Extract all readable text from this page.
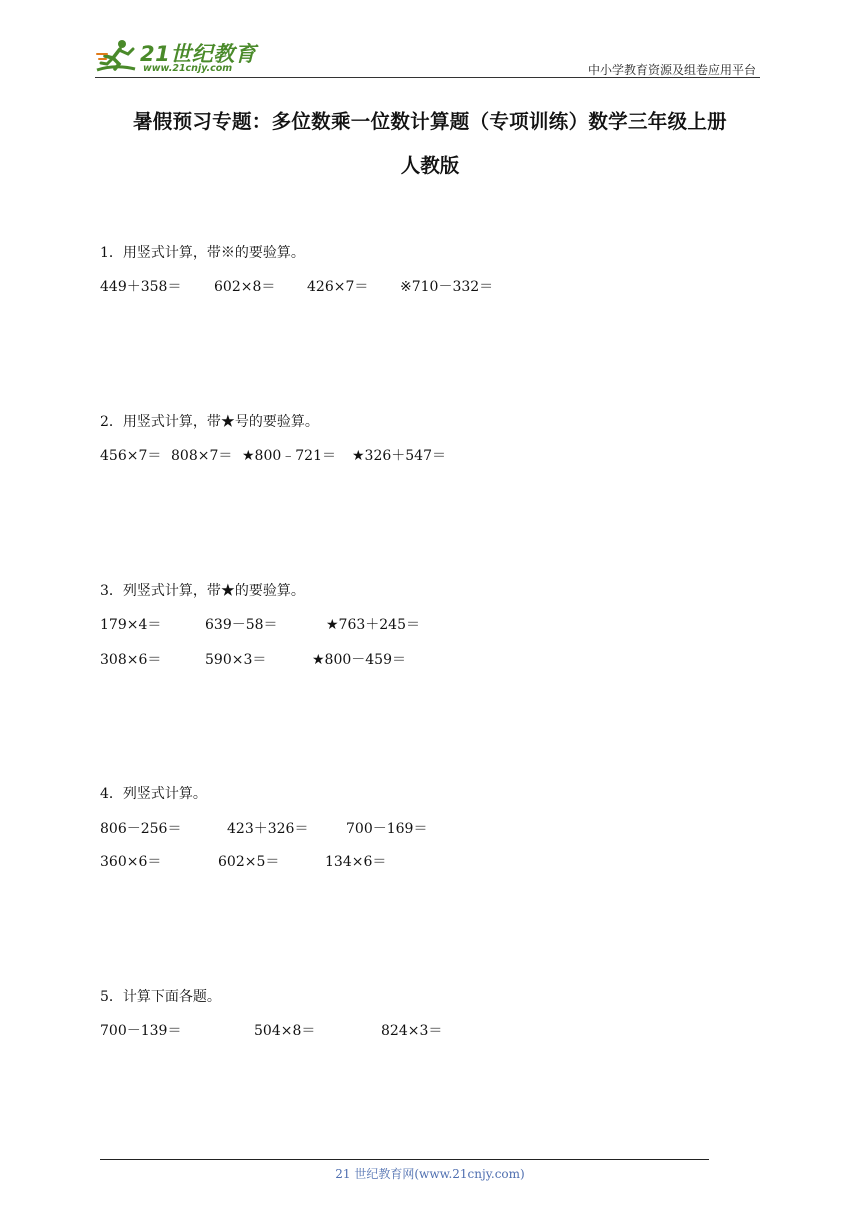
21世纪教育
www.21cnjy.com	中小学教育资源及组卷应用平台
暑假预习专题：多位数乘一位数计算题（专项训练）数学三年级上册
人教版
1．用竖式计算，带※的要验算。
449＋358＝ 602×8＝ 426×7＝ ※710－332＝
2．用竖式计算，带★号的要验算。
456×7＝ 808×7＝ ★800﹣721＝ ★326＋547＝
3．列竖式计算，带★的要验算。
179×4＝	639－58＝	★763＋245＝
308×6＝	590×3＝	★800－459＝
4．列竖式计算。
806－256＝	423＋326＝	700－169＝
360×6＝	602×5＝	134×6＝
5．计算下面各题。
700－139＝	504×8＝	824×3＝
21 世纪教育网(www.21cnjy.com)
